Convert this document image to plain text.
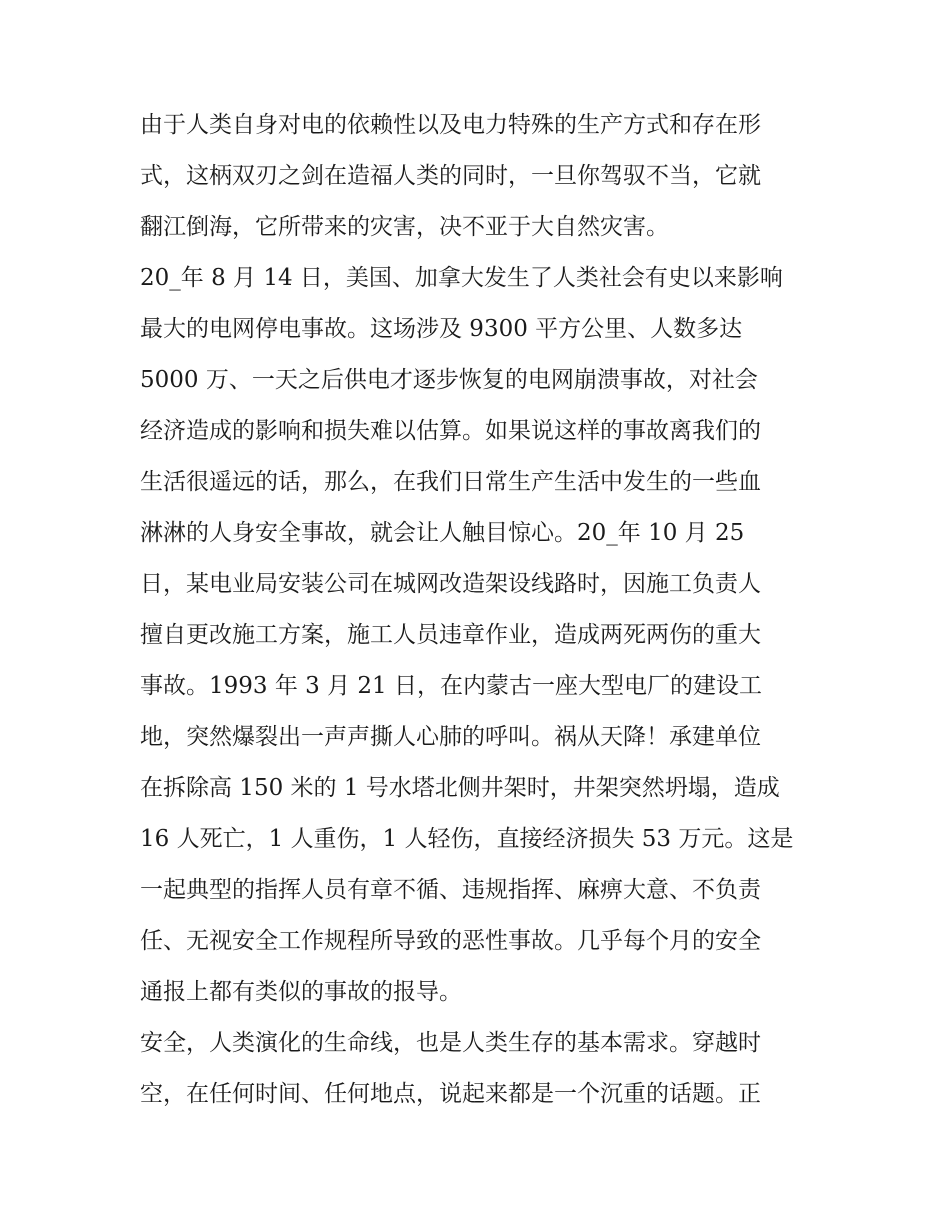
由于人类自身对电的依赖性以及电力特殊的生产方式和存在形
式，这柄双刃之剑在造福人类的同时，一旦你驾驭不当，它就
翻江倒海，它所带来的灾害，决不亚于大自然灾害。
20_年 8 月 14 日，美国、加拿大发生了人类社会有史以来影响
最大的电网停电事故。这场涉及 9300 平方公里、人数多达
5000 万、一天之后供电才逐步恢复的电网崩溃事故，对社会
经济造成的影响和损失难以估算。如果说这样的事故离我们的
生活很遥远的话，那么，在我们日常生产生活中发生的一些血
淋淋的人身安全事故，就会让人触目惊心。20_年 10 月 25
日，某电业局安装公司在城网改造架设线路时，因施工负责人
擅自更改施工方案，施工人员违章作业，造成两死两伤的重大
事故。1993 年 3 月 21 日，在内蒙古一座大型电厂的建设工
地，突然爆裂出一声声撕人心肺的呼叫。祸从天降！承建单位
在拆除高 150 米的 1 号水塔北侧井架时，井架突然坍塌，造成
16 人死亡，1 人重伤，1 人轻伤，直接经济损失 53 万元。这是
一起典型的指挥人员有章不循、违规指挥、麻痹大意、不负责
任、无视安全工作规程所导致的恶性事故。几乎每个月的安全
通报上都有类似的事故的报导。
安全，人类演化的生命线，也是人类生存的基本需求。穿越时
空，在任何时间、任何地点，说起来都是一个沉重的话题。正
